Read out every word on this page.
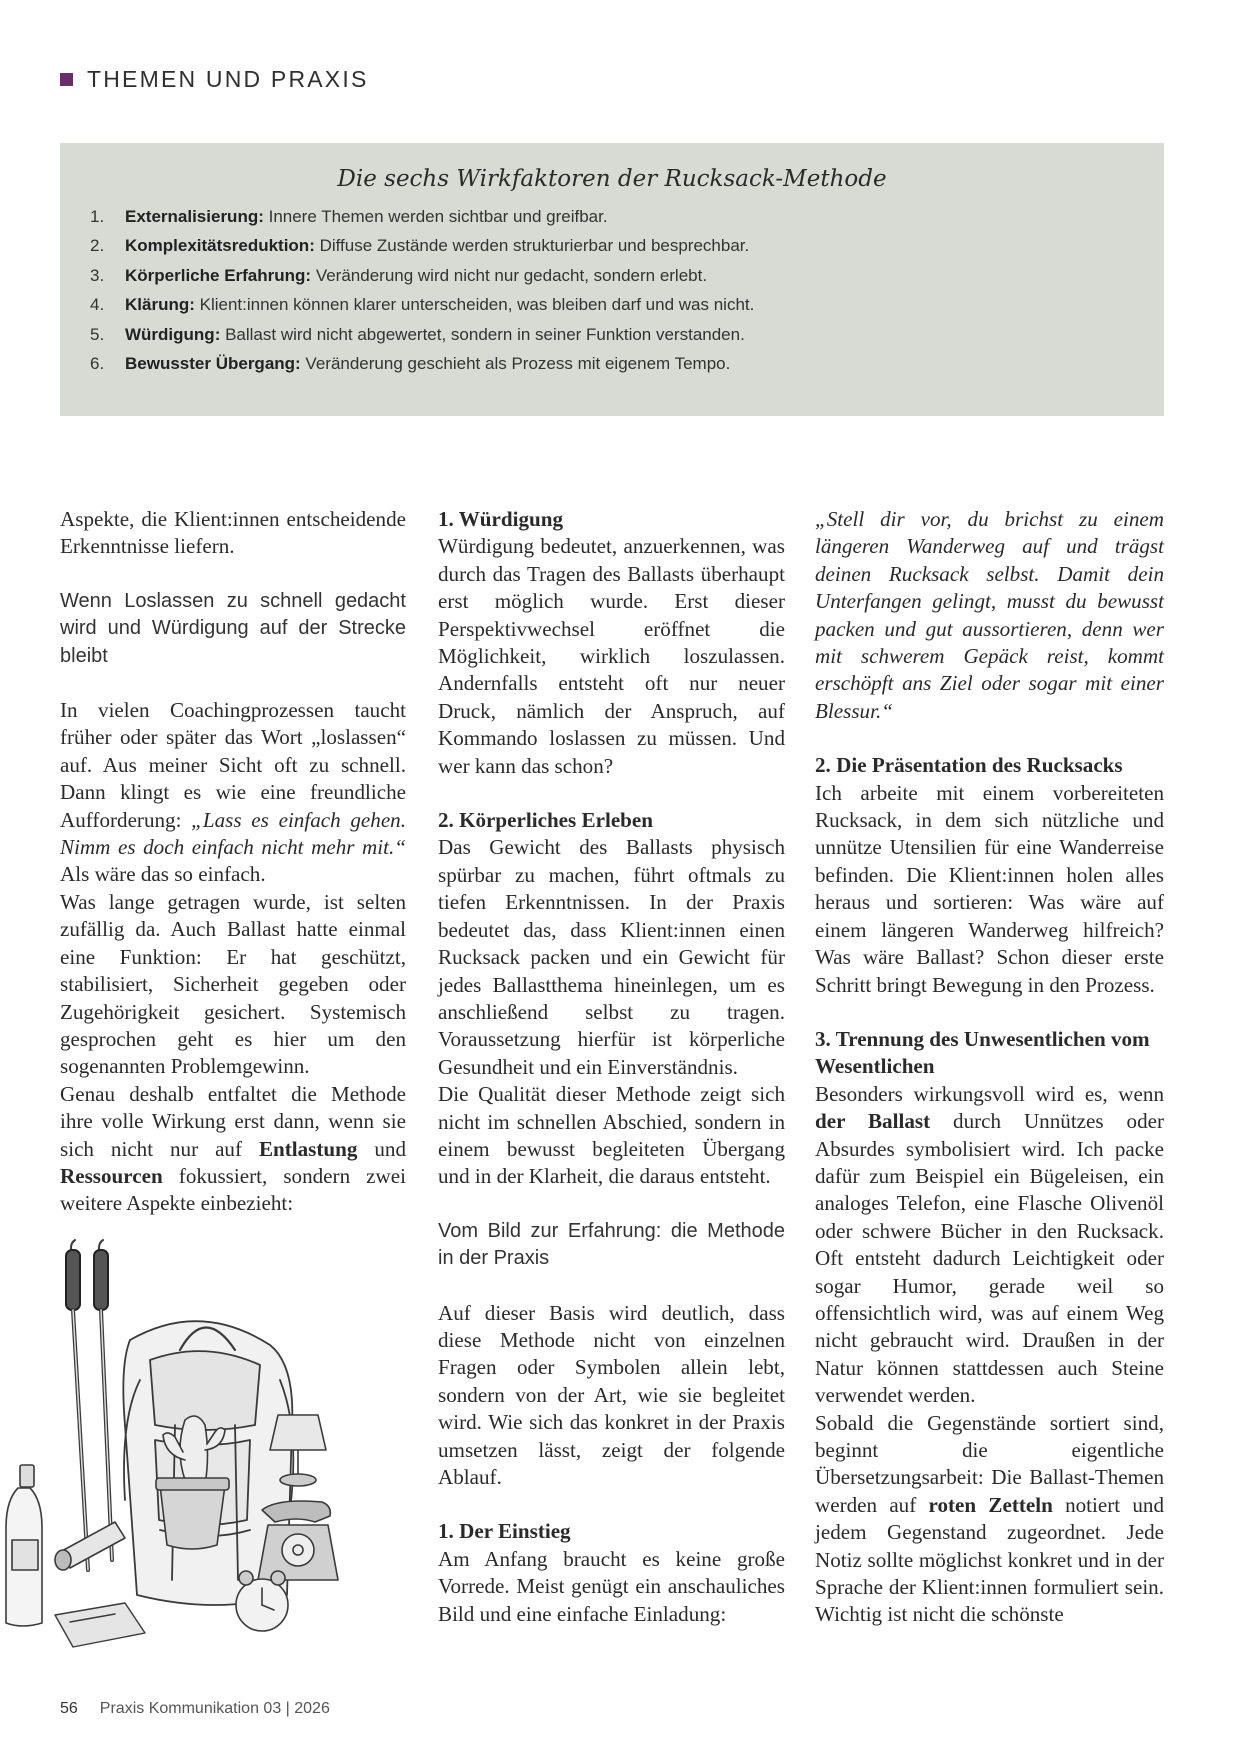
THEMEN UND PRAXIS
Die sechs Wirkfaktoren der Rucksack-Methode
1.	Externalisierung: Innere Themen werden sichtbar und greifbar.
2.	Komplexitätsreduktion: Diffuse Zustände werden strukturierbar und besprechbar.
3.	Körperliche Erfahrung: Veränderung wird nicht nur gedacht, sondern erlebt.
4.	Klärung: Klient:innen können klarer unterscheiden, was bleiben darf und was nicht.
5.	Würdigung: Ballast wird nicht abgewertet, sondern in seiner Funktion verstanden.
6.	Bewusster Übergang: Veränderung geschieht als Prozess mit eigenem Tempo.

Aspekte, die Klient:innen entscheidende Erkenntnisse liefern.

Wenn Loslassen zu schnell gedacht wird und Würdigung auf der Strecke bleibt

In vielen Coachingprozessen taucht früher oder später das Wort „loslassen“ auf. Aus meiner Sicht oft zu schnell. Dann klingt es wie eine freundliche Aufforderung: „Lass es einfach gehen. Nimm es doch einfach nicht mehr mit.“ Als wäre das so einfach.

Was lange getragen wurde, ist selten zufällig da. Auch Ballast hatte einmal eine Funktion: Er hat geschützt, stabilisiert, Sicherheit gegeben oder Zugehörigkeit gesichert. Systemisch gesprochen geht es hier um den sogenannten Problemgewinn.

Genau deshalb entfaltet die Methode ihre volle Wirkung erst dann, wenn sie sich nicht nur auf Entlastung und Ressourcen fokussiert, sondern zwei weitere Aspekte einbezieht:

1. Würdigung

Würdigung bedeutet, anzuerkennen, was durch das Tragen des Ballasts überhaupt erst möglich wurde. Erst dieser Perspektivwechsel eröffnet die Möglichkeit, wirklich loszulassen. Andernfalls entsteht oft nur neuer Druck, nämlich der Anspruch, auf Kommando loslassen zu müssen. Und wer kann das schon?

2. Körperliches Erleben

Das Gewicht des Ballasts physisch spürbar zu machen, führt oftmals zu tiefen Erkenntnissen. In der Praxis bedeutet das, dass Klient:innen einen Rucksack packen und ein Gewicht für jedes Ballastthema hineinlegen, um es anschließend selbst zu tragen. Voraussetzung hierfür ist körperliche Gesundheit und ein Einverständnis.

Die Qualität dieser Methode zeigt sich nicht im schnellen Abschied, sondern in einem bewusst begleiteten Übergang und in der Klarheit, die daraus entsteht.

Vom Bild zur Erfahrung: die Methode in der Praxis

Auf dieser Basis wird deutlich, dass diese Methode nicht von einzelnen Fragen oder Symbolen allein lebt, sondern von der Art, wie sie begleitet wird. Wie sich das konkret in der Praxis umsetzen lässt, zeigt der folgende Ablauf.

1. Der Einstieg

Am Anfang braucht es keine große Vorrede. Meist genügt ein anschauliches Bild und eine einfache Einladung:

„Stell dir vor, du brichst zu einem längeren Wanderweg auf und trägst deinen Rucksack selbst. Damit dein Unterfangen gelingt, musst du bewusst packen und gut aussortieren, denn wer mit schwerem Gepäck reist, kommt erschöpft ans Ziel oder sogar mit einer Blessur.“

2. Die Präsentation des Rucksacks

Ich arbeite mit einem vorbereiteten Rucksack, in dem sich nützliche und unnütze Utensilien für eine Wanderreise befinden. Die Klient:innen holen alles heraus und sortieren: Was wäre auf einem längeren Wanderweg hilfreich? Was wäre Ballast? Schon dieser erste Schritt bringt Bewegung in den Prozess.

3. Trennung des Unwesentlichen vom Wesentlichen

Besonders wirkungsvoll wird es, wenn der Ballast durch Unnützes oder Absurdes symbolisiert wird. Ich packe dafür zum Beispiel ein Bügeleisen, ein analoges Telefon, eine Flasche Olivenöl oder schwere Bücher in den Rucksack. Oft entsteht dadurch Leichtigkeit oder sogar Humor, gerade weil so offensichtlich wird, was auf einem Weg nicht gebraucht wird. Draußen in der Natur können stattdessen auch Steine verwendet werden.

Sobald die Gegenstände sortiert sind, beginnt die eigentliche Übersetzungsarbeit: Die Ballast-Themen werden auf roten Zetteln notiert und jedem Gegenstand zugeordnet. Jede Notiz sollte möglichst konkret und in der Sprache der Klient:innen formuliert sein. Wichtig ist nicht die schönste

56 Praxis Kommunikation 03 | 2026
